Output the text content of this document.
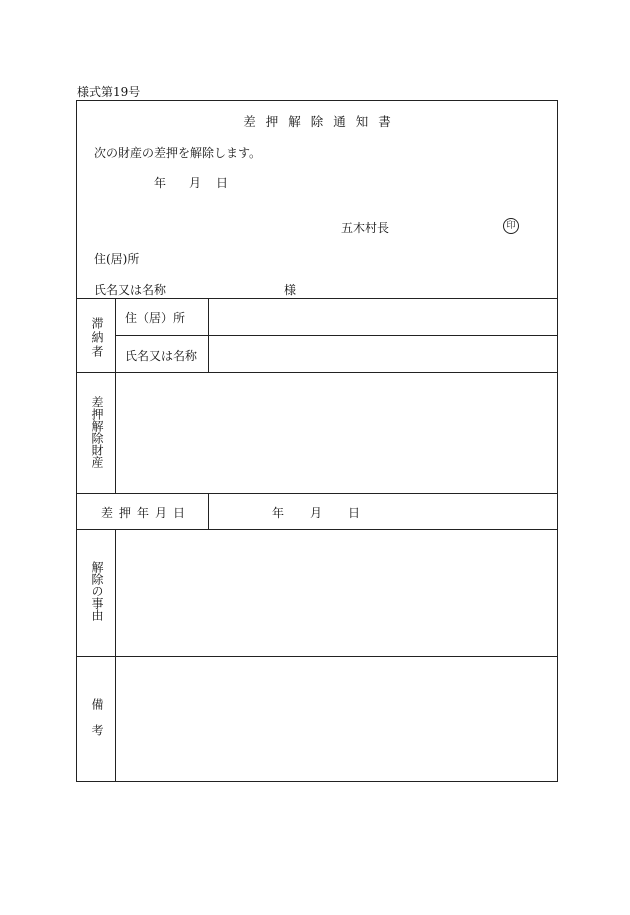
様式第19号
差押解除通知書
次の財産の差押を解除します。
年 月 日
五木村長	印
住(居)所
氏名又は名称	様
滞納者 住（居）所
氏名又は名称
差押解除財産
差押年月日	年 月 日
解除の事由
備考
